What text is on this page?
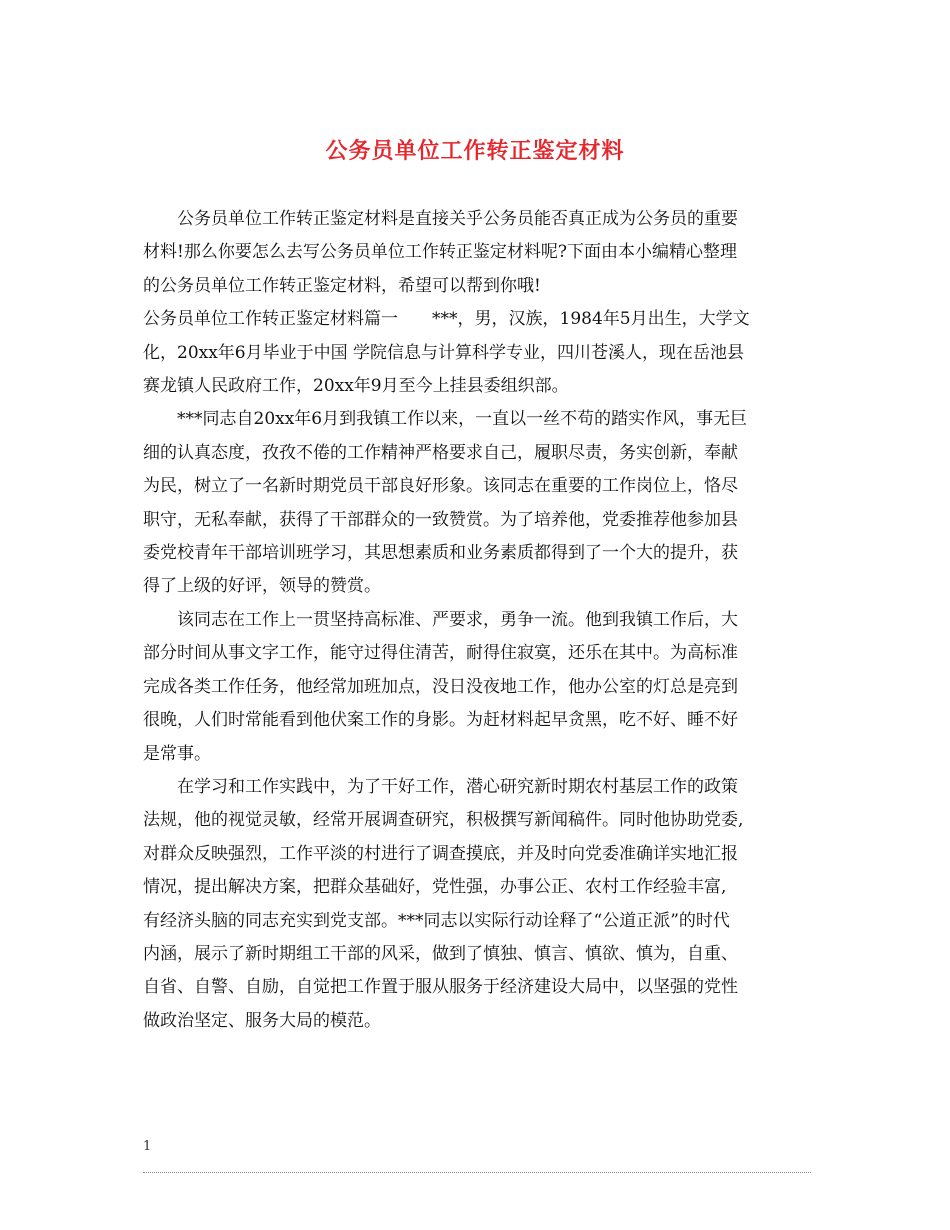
公务员单位工作转正鉴定材料

公务员单位工作转正鉴定材料是直接关乎公务员能否真正成为公务员的重要
材料!那么你要怎么去写公务员单位工作转正鉴定材料呢?下面由本小编精心整理
的公务员单位工作转正鉴定材料，希望可以帮到你哦!

公务员单位工作转正鉴定材料篇一 ***，男，汉族，1984年5月出生，大学文
化，20xx年6月毕业于中国 学院信息与计算科学专业，四川苍溪人，现在岳池县
赛龙镇人民政府工作，20xx年9月至今上挂县委组织部。

***同志自20xx年6月到我镇工作以来，一直以一丝不苟的踏实作风，事无巨
细的认真态度，孜孜不倦的工作精神严格要求自己，履职尽责，务实创新，奉献
为民，树立了一名新时期党员干部良好形象。该同志在重要的工作岗位上，恪尽
职守，无私奉献，获得了干部群众的一致赞赏。为了培养他，党委推荐他参加县
委党校青年干部培训班学习，其思想素质和业务素质都得到了一个大的提升，获
得了上级的好评，领导的赞赏。

该同志在工作上一贯坚持高标准、严要求，勇争一流。他到我镇工作后，大
部分时间从事文字工作，能守过得住清苦，耐得住寂寞，还乐在其中。为高标准
完成各类工作任务，他经常加班加点，没日没夜地工作，他办公室的灯总是亮到
很晚，人们时常能看到他伏案工作的身影。为赶材料起早贪黑，吃不好、睡不好
是常事。

在学习和工作实践中，为了干好工作，潜心研究新时期农村基层工作的政策
法规，他的视觉灵敏，经常开展调查研究，积极撰写新闻稿件。同时他协助党委,
对群众反映强烈，工作平淡的村进行了调查摸底，并及时向党委准确详实地汇报
情况，提出解决方案，把群众基础好，党性强，办事公正、农村工作经验丰富,
有经济头脑的同志充实到党支部。***同志以实际行动诠释了“公道正派”的时代
内涵，展示了新时期组工干部的风采，做到了慎独、慎言、慎欲、慎为，自重、
自省、自警、自励，自觉把工作置于服从服务于经济建设大局中，以坚强的党性
做政治坚定、服务大局的模范。

1
